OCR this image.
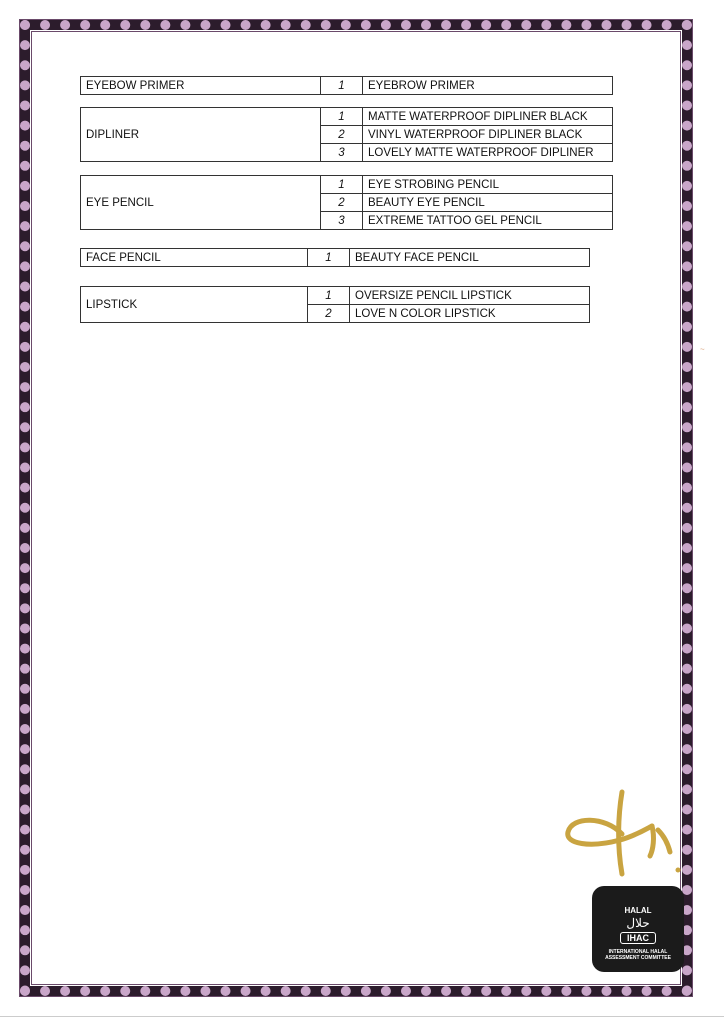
EYEBOW PRIMER	1	EYEBROW PRIMER
DIPLINER	1	MATTE WATERPROOF DIPLINER BLACK
	2	VINYL WATERPROOF DIPLINER BLACK
	3	LOVELY MATTE WATERPROOF DIPLINER
EYE PENCIL	1	EYE STROBING PENCIL
	2	BEAUTY EYE PENCIL
	3	EXTREME TATTOO GEL PENCIL
FACE PENCIL	1	BEAUTY FACE PENCIL
LIPSTICK	1	OVERSIZE PENCIL LIPSTICK
	2	LOVE N COLOR LIPSTICK
~
HALAL
حلال
IHAC
INTERNATIONAL HALAL ASSESSMENT COMMITTEE
